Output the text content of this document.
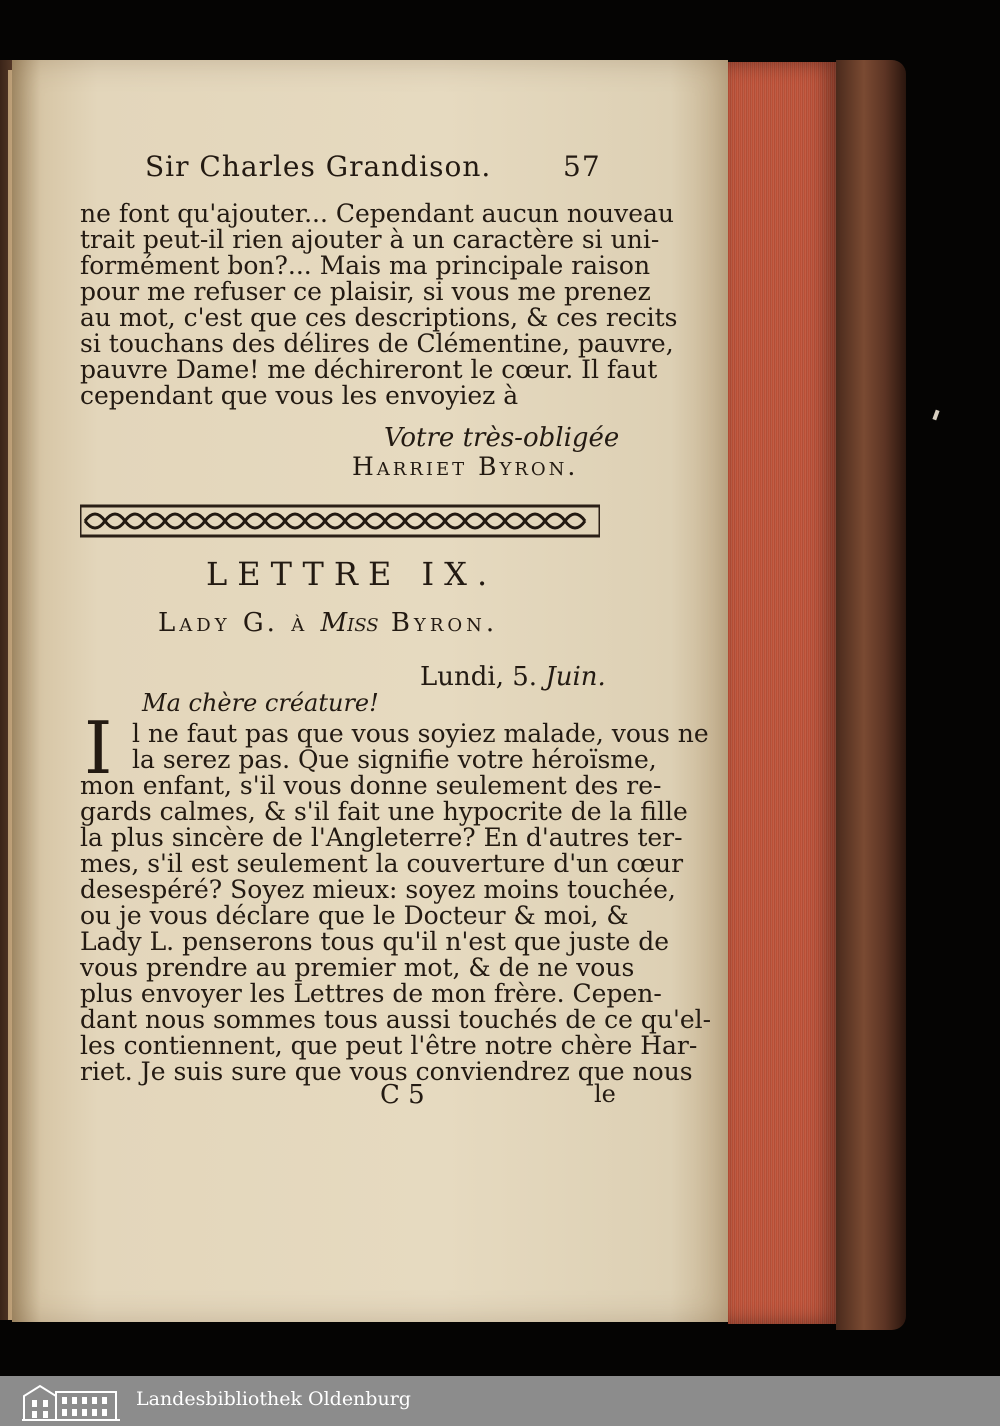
Sir Charles Grandison.	57
ne font qu'ajouter... Cependant aucun nouveau
trait peut-il rien ajouter à un caractère si uni-
formément bon?... Mais ma principale raison
pour me refuser ce plaisir, si vous me prenez
au mot, c'est que ces descriptions, & ces recits
si touchans des délires de Clémentine, pauvre,
pauvre Dame! me déchireront le cœur. Il faut
cependant que vous les envoyiez à
Votre très-obligée
Harriet Byron.
LETTRE IX.
Lady G. à Miss Byron.
Lundi, 5. Juin.
Ma chère créature!
I l ne faut pas que vous soyiez malade, vous ne
la serez pas. Que signifie votre héroïsme,
mon enfant, s'il vous donne seulement des re-
gards calmes, & s'il fait une hypocrite de la fille
la plus sincère de l'Angleterre? En d'autres ter-
mes, s'il est seulement la couverture d'un cœur
desespéré? Soyez mieux: soyez moins touchée,
ou je vous déclare que le Docteur & moi, &
Lady L. penserons tous qu'il n'est que juste de
vous prendre au premier mot, & de ne vous
plus envoyer les Lettres de mon frère. Cepen-
dant nous sommes tous aussi touchés de ce qu'el-
les contiennent, que peut l'être notre chère Har-
riet. Je suis sure que vous conviendrez que nous
C 5	le
Landesbibliothek Oldenburg
